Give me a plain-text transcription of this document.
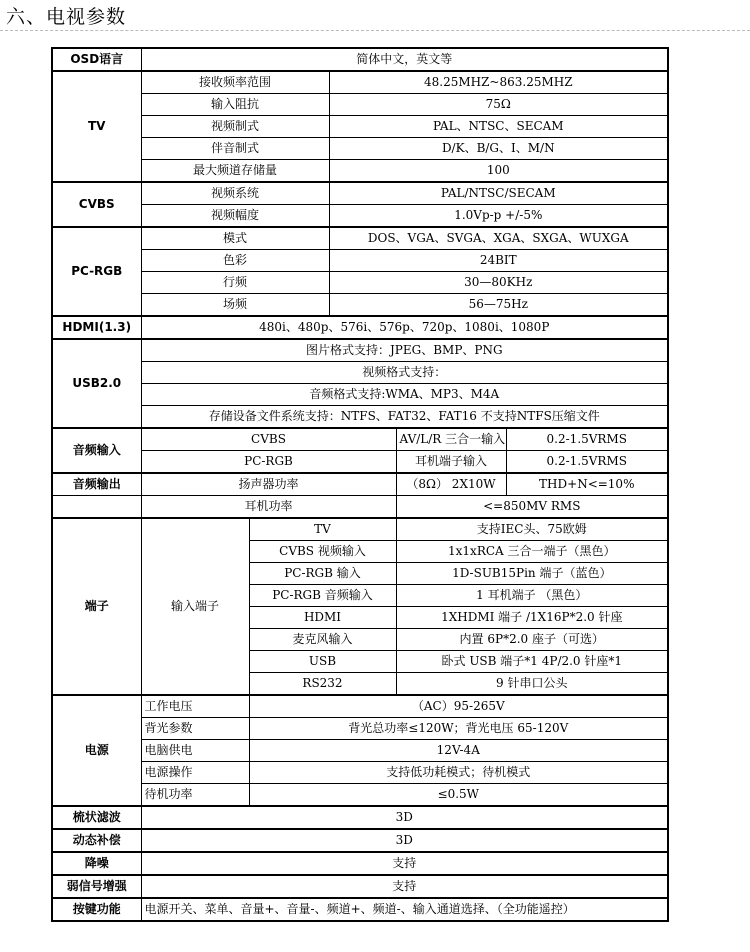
六、电视参数
OSD语言	简体中文，英文等				
TV	接收频率范围		48.25MHZ~863.25MHZ		
	输入阻抗		75Ω		
	视频制式		PAL、NTSC、SECAM		
	伴音制式		D/K、B/G、I、M/N		
	最大频道存储量		100		
CVBS	视频系统		PAL/NTSC/SECAM		
	视频幅度		1.0Vp-p +/-5%		
PC-RGB	模式		DOS、VGA、SVGA、XGA、SXGA、WUXGA		
	色彩		24BIT		
	行频		30—80KHz		
	场频		56—75Hz		
HDMI(1.3)	480i、480p、576i、576p、720p、1080i、1080P				
USB2.0	图片格式支持：JPEG、BMP、PNG				
	视频格式支持：				
	音频格式支持:WMA、MP3、M4A				
	存储设备文件系统支持：NTFS、FAT32、FAT16 不支持NTFS压缩文件				
音频输入	CVBS			AV/L/R 三合一输入	0.2-1.5VRMS
	PC-RGB			耳机端子输入	0.2-1.5VRMS
音频输出	扬声器功率			（8Ω） 2X10W	THD+N<=10%
	耳机功率			<=850MV RMS	
端子	输入端子	TV		支持IEC头、75欧姆	
		CVBS 视频输入		1x1xRCA 三合一端子（黑色）	
		PC-RGB 输入		1D-SUB15Pin 端子（蓝色）	
		PC-RGB 音频输入		1 耳机端子 （黑色）	
		HDMI		1XHDMI 端子 /1X16P*2.0 针座	
		麦克风输入		内置 6P*2.0 座子（可选）	
		USB		卧式 USB 端子*1 4P/2.0 针座*1	
		RS232		9 针串口公头	
电源	工作电压	（AC）95-265V			
	背光参数	背光总功率≤120W；背光电压 65-120V			
	电脑供电	12V-4A			
	电源操作	支持低功耗模式；待机模式			
	待机功率	≤0.5W			
梳状滤波	3D				
动态补偿	3D				
降噪	支持				
弱信号增强	支持				
按键功能	电源开关、菜单、音量+、音量-、频道+、频道-、输入通道选择、（全功能遥控）				
